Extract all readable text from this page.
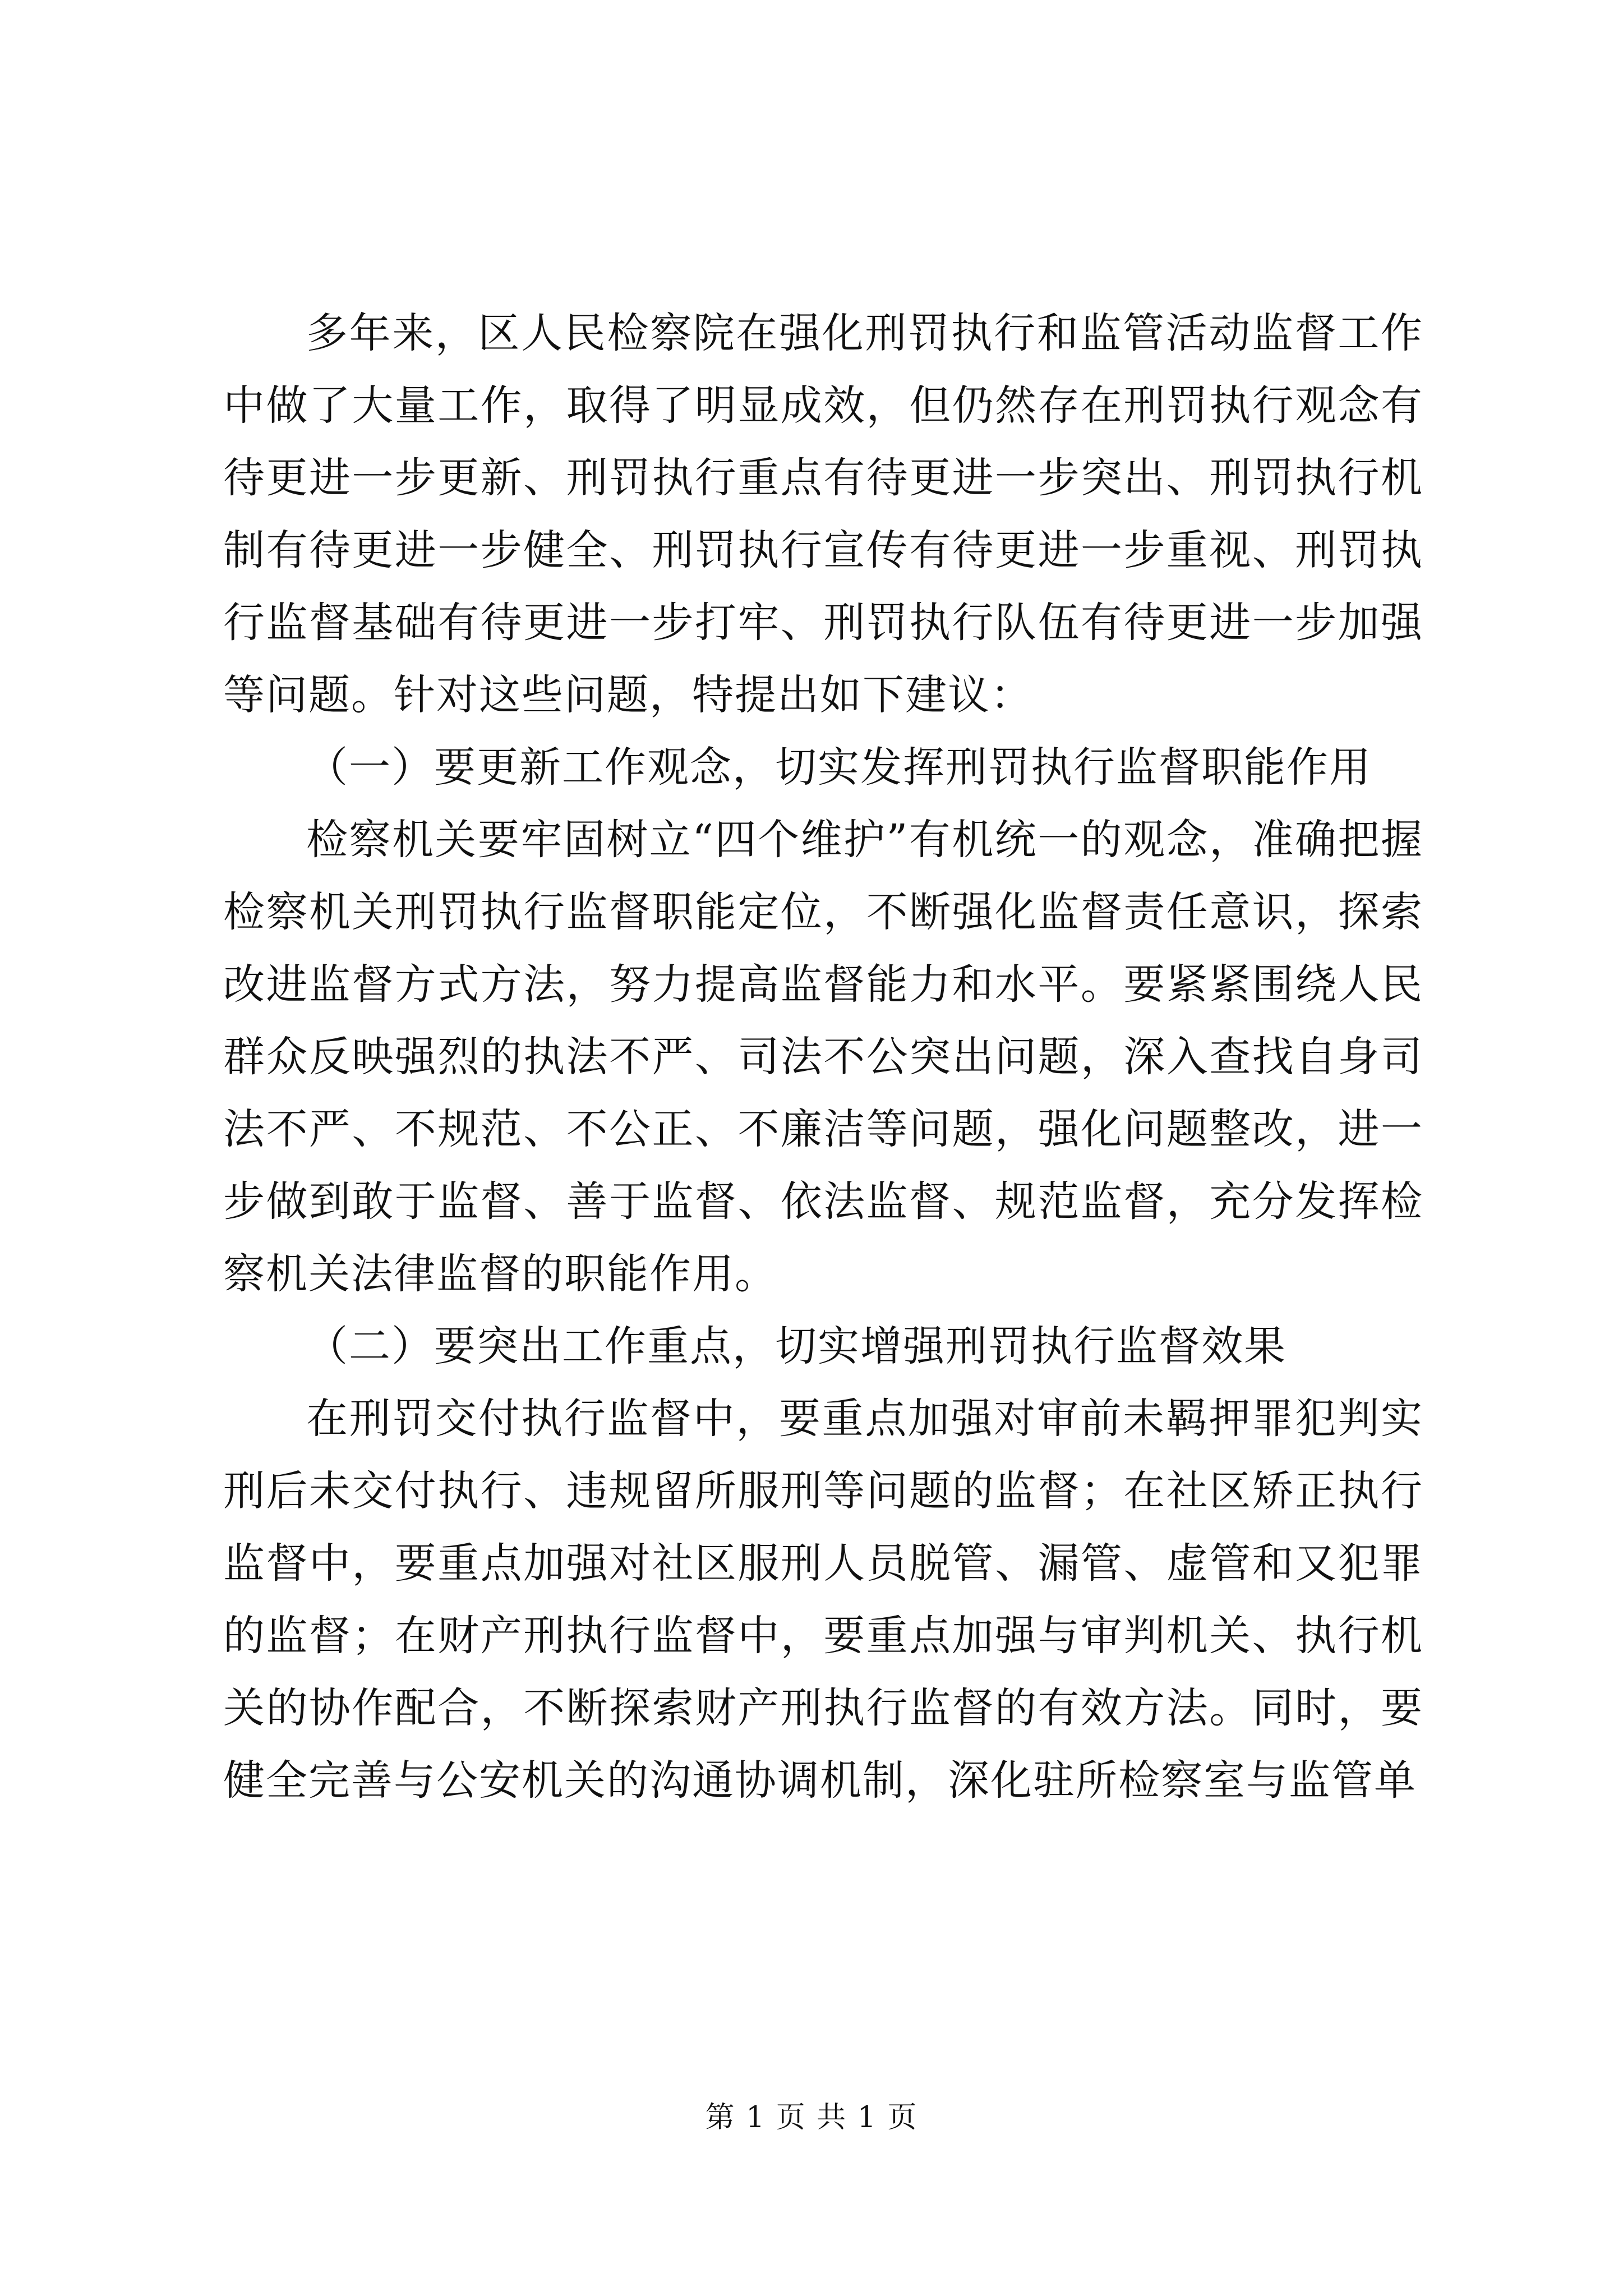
多年来，区人民检察院在强化刑罚执行和监管活动监督工作中做了大量工作，取得了明显成效，但仍然存在刑罚执行观念有待更进一步更新、刑罚执行重点有待更进一步突出、刑罚执行机制有待更进一步健全、刑罚执行宣传有待更进一步重视、刑罚执行监督基础有待更进一步打牢、刑罚执行队伍有待更进一步加强等问题。针对这些问题，特提出如下建议：

（一）要更新工作观念，切实发挥刑罚执行监督职能作用

检察机关要牢固树立“四个维护”有机统一的观念，准确把握检察机关刑罚执行监督职能定位，不断强化监督责任意识，探索改进监督方式方法，努力提高监督能力和水平。要紧紧围绕人民群众反映强烈的执法不严、司法不公突出问题，深入查找自身司法不严、不规范、不公正、不廉洁等问题，强化问题整改，进一步做到敢于监督、善于监督、依法监督、规范监督，充分发挥检察机关法律监督的职能作用。

（二）要突出工作重点，切实增强刑罚执行监督效果

在刑罚交付执行监督中，要重点加强对审前未羁押罪犯判实刑后未交付执行、违规留所服刑等问题的监督；在社区矫正执行监督中，要重点加强对社区服刑人员脱管、漏管、虚管和又犯罪的监督；在财产刑执行监督中，要重点加强与审判机关、执行机关的协作配合，不断探索财产刑执行监督的有效方法。同时，要健全完善与公安机关的沟通协调机制，深化驻所检察室与监管单

第 1 页 共 1 页
